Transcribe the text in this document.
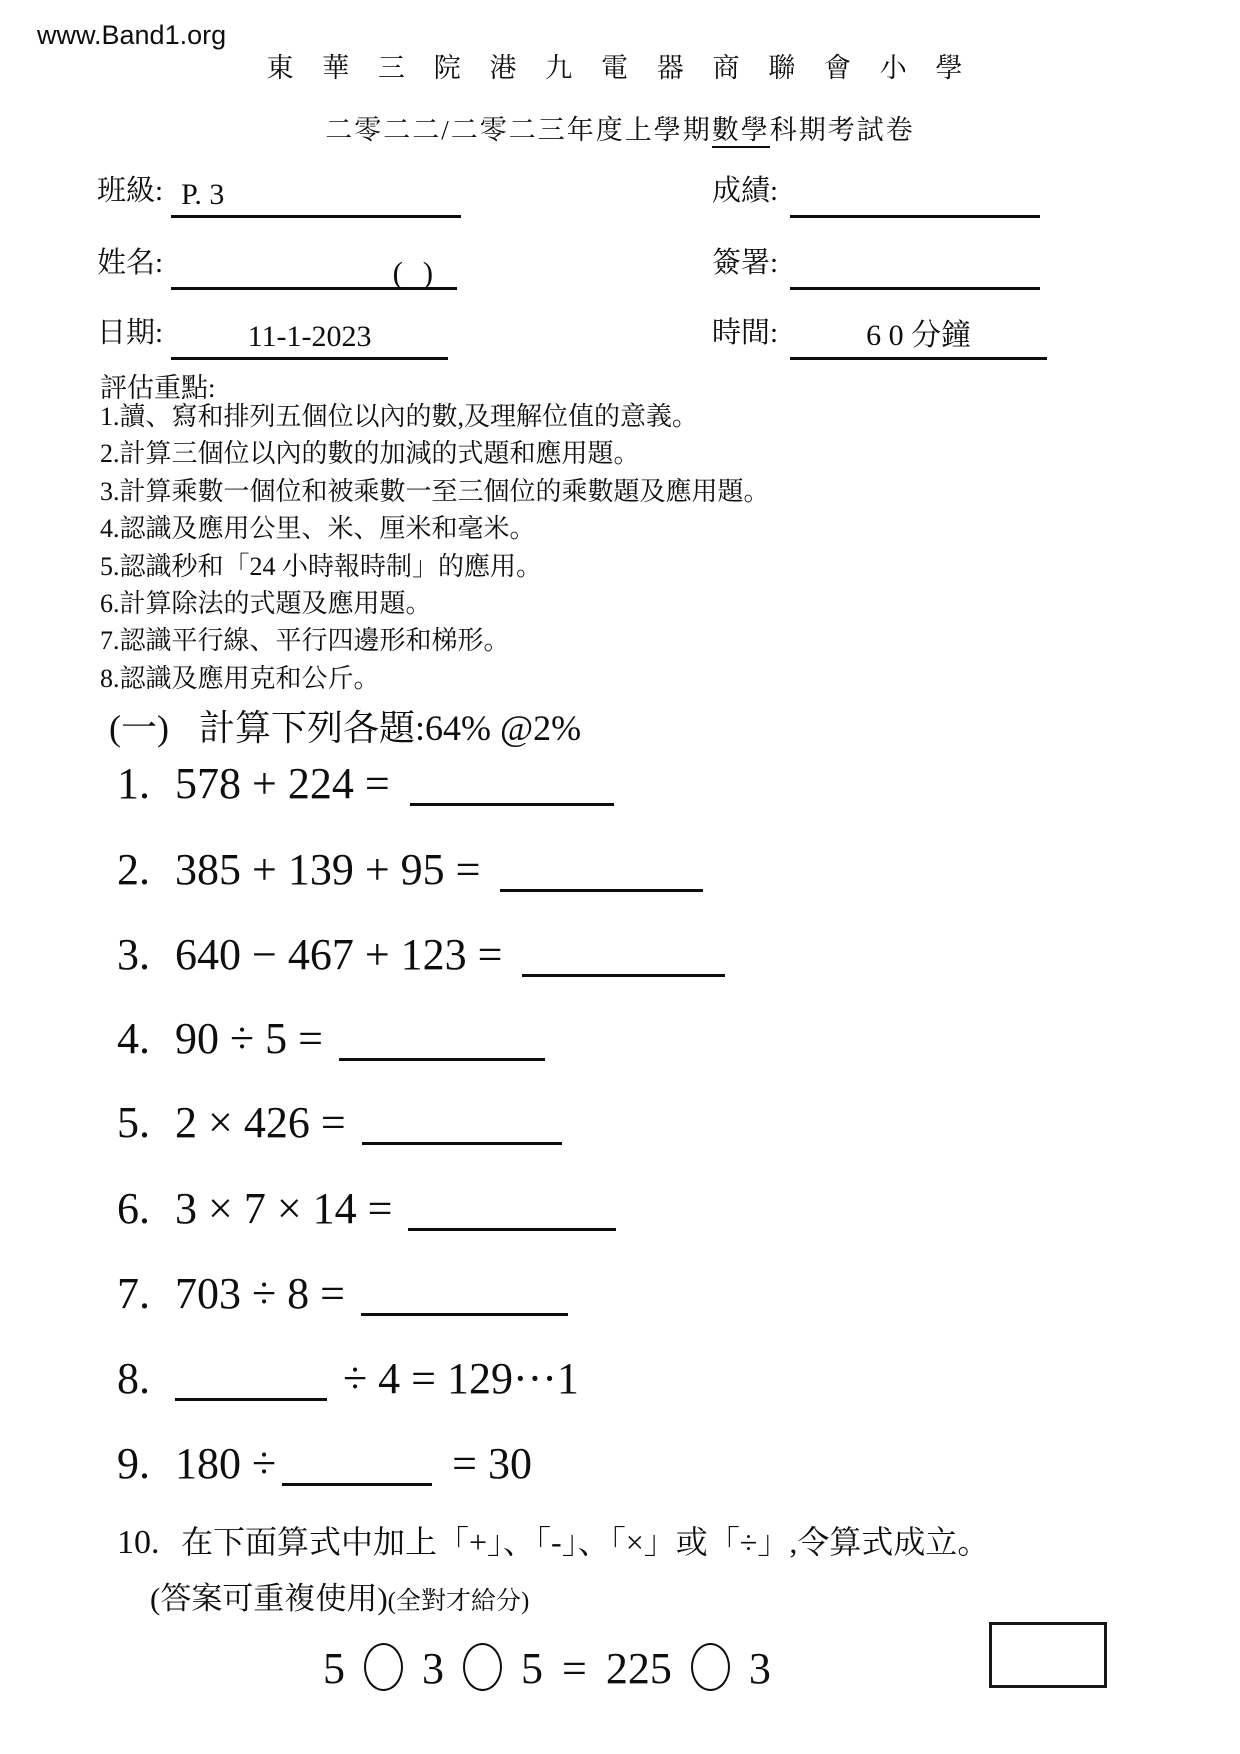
www.Band1.org
東 華 三 院 港 九 電 器 商 聯 會 小 學
二零二二/二零二三年度上學期數學科期考試卷
班級: P. 3	成績:
姓名:	( )	簽署:
日期:	11-1-2023	時間:	6 0 分鐘
評估重點:
1.讀、寫和排列五個位以內的數,及理解位值的意義。
2.計算三個位以內的數的加減的式題和應用題。
3.計算乘數一個位和被乘數一至三個位的乘數題及應用題。
4.認識及應用公里、米、厘米和毫米。
5.認識秒和「24 小時報時制」的應用。
6.計算除法的式題及應用題。
7.認識平行線、平行四邊形和梯形。
8.認識及應用克和公斤。
(一) 計算下列各題:64% @2%
1. 578 + 224 =
2. 385 + 139 + 95 =
3. 640 − 467 + 123 =
4. 90 ÷ 5 =
5. 2 × 426 =
6. 3 × 7 × 14 =
7. 703 ÷ 8 =
8.	÷ 4 = 129···1
9. 180 ÷	= 30
10. 在下面算式中加上「+」、「-」、「×」或「÷」,令算式成立。
(答案可重複使用)(全對才給分)
5 3 5 = 225 3
